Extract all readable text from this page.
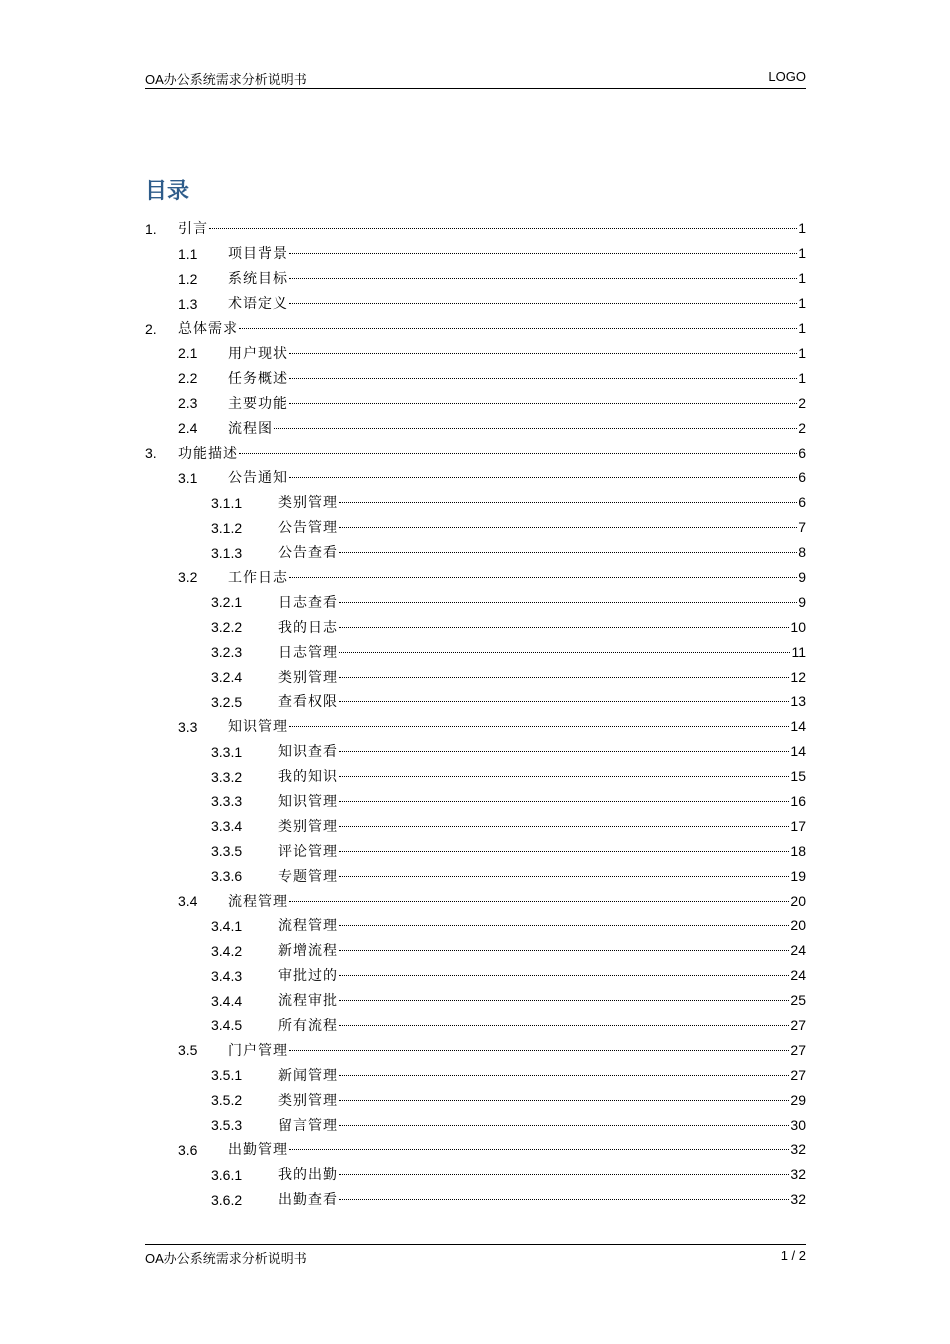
OA办公系统需求分析说明书	LOGO
目录
1. 引言	1
1.1 项目背景	1
1.2 系统目标	1
1.3 术语定义	1
2. 总体需求	1
2.1 用户现状	1
2.2 任务概述	1
2.3 主要功能	2
2.4 流程图	2
3. 功能描述	6
3.1 公告通知	6
3.1.1	类别管理	6
3.1.2	公告管理	7
3.1.3	公告查看	8
3.2 工作日志	9
3.2.1	日志查看	9
3.2.2	我的日志	10
3.2.3	日志管理	11
3.2.4	类别管理	12
3.2.5	查看权限	13
3.3 知识管理	14
3.3.1	知识查看	14
3.3.2	我的知识	15
3.3.3	知识管理	16
3.3.4	类别管理	17
3.3.5	评论管理	18
3.3.6	专题管理	19
3.4 流程管理	20
3.4.1	流程管理	20
3.4.2	新增流程	24
3.4.3	审批过的	24
3.4.4	流程审批	25
3.4.5	所有流程	27
3.5 门户管理	27
3.5.1	新闻管理	27
3.5.2	类别管理	29
3.5.3	留言管理	30
3.6 出勤管理	32
3.6.1	我的出勤	32
3.6.2	出勤查看	32
OA办公系统需求分析说明书	1 / 2
